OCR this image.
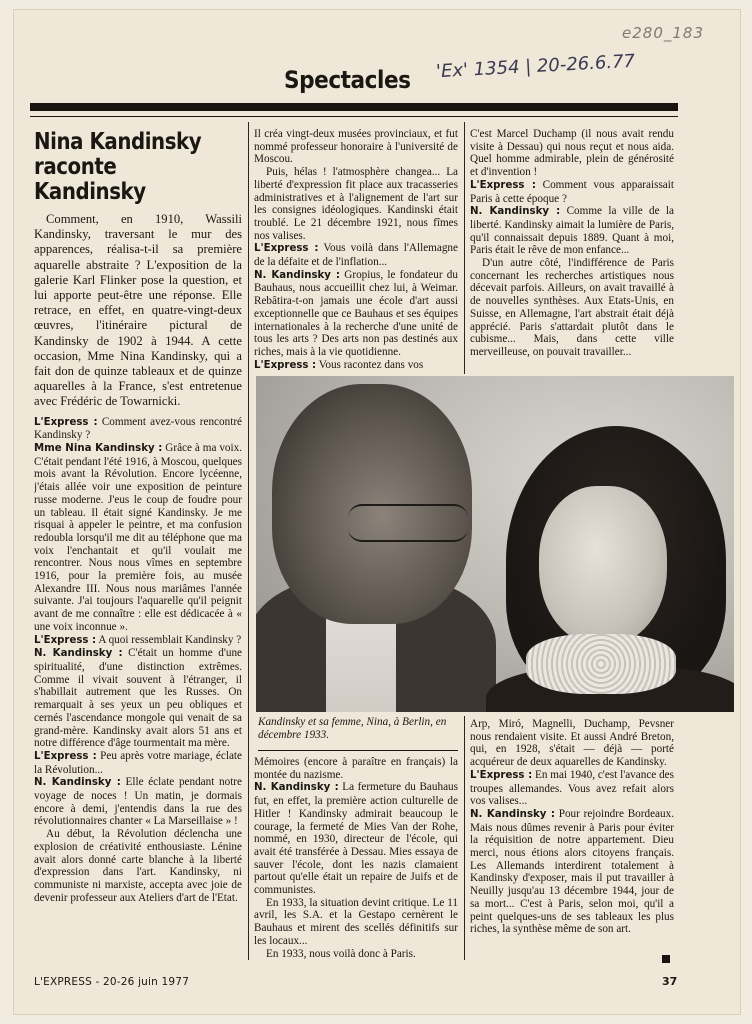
e280_183
'Ex' 1354 | 20-26.6.77
Spectacles
Nina Kandinsky
raconte
Kandinsky

Comment, en 1910, Wassili Kandinsky, traversant le mur des apparences, réalisa-t-il sa première aquarelle abstraite ? L'exposition de la galerie Karl Flinker pose la question, et lui apporte peut-être une réponse. Elle retrace, en effet, en quatre-vingt-deux œuvres, l'itinéraire pictural de Kandinsky de 1902 à 1944. A cette occasion, Mme Nina Kandinsky, qui a fait don de quinze tableaux et de quinze aquarelles à la France, s'est entretenue avec Frédéric de Towarnicki.

L'Express : Comment avez-vous rencontré Kandinsky ?

Mme Nina Kandinsky : Grâce à ma voix. C'était pendant l'été 1916, à Moscou, quelques mois avant la Révolution. Encore lycéenne, j'étais allée voir une exposition de peinture russe moderne. J'eus le coup de foudre pour un tableau. Il était signé Kandinsky. Je me risquai à appeler le peintre, et ma confusion redoubla lorsqu'il me dit au téléphone que ma voix l'enchantait et qu'il voulait me rencontrer. Nous nous vîmes en septembre 1916, pour la première fois, au musée Alexandre III. Nous nous mariâmes l'année suivante. J'ai toujours l'aquarelle qu'il peignit avant de me connaître : elle est dédicacée à « une voix inconnue ».

L'Express : A quoi ressemblait Kandinsky ?

N. Kandinsky : C'était un homme d'une spiritualité, d'une distinction extrêmes. Comme il vivait souvent à l'étranger, il s'habillait autrement que les Russes. On remarquait à ses yeux un peu obliques et cernés l'ascendance mongole qui venait de sa grand-mère. Kandinsky avait alors 51 ans et notre différence d'âge tourmentait ma mère.

L'Express : Peu après votre mariage, éclate la Révolution...

N. Kandinsky : Elle éclate pendant notre voyage de noces ! Un matin, je dormais encore à demi, j'entendis dans la rue des révolutionnaires chanter « La Marseillaise » !

Au début, la Révolution déclencha une explosion de créativité enthousiaste. Lénine avait alors donné carte blanche à la liberté d'expression dans l'art. Kandinsky, ni communiste ni marxiste, accepta avec joie de devenir professeur aux Ateliers d'art de l'Etat.

Il créa vingt-deux musées provinciaux, et fut nommé professeur honoraire à l'université de Moscou.

Puis, hélas ! l'atmosphère changea... La liberté d'expression fit place aux tracasseries administratives et à l'alignement de l'art sur les consignes idéologiques. Kandinski était troublé. Le 21 décembre 1921, nous fîmes nos valises.

L'Express : Vous voilà dans l'Allemagne de la défaite et de l'inflation...

N. Kandinsky : Gropius, le fondateur du Bauhaus, nous accueillit chez lui, à Weimar. Rebâtira-t-on jamais une école d'art aussi exceptionnelle que ce Bauhaus et ses équipes internationales à la recherche d'une unité de tous les arts ? Des arts non pas destinés aux riches, mais à la vie quotidienne.

L'Express : Vous racontez dans vos

C'est Marcel Duchamp (il nous avait rendu visite à Dessau) qui nous reçut et nous aida. Quel homme admirable, plein de générosité et d'invention !

L'Express : Comment vous apparaissait Paris à cette époque ?

N. Kandinsky : Comme la ville de la liberté. Kandinsky aimait la lumière de Paris, qu'il connaissait depuis 1889. Quant à moi, Paris était le rêve de mon enfance...

D'un autre côté, l'indifférence de Paris concernant les recherches artistiques nous décevait parfois. Ailleurs, on avait travaillé à de nouvelles synthèses. Aux Etats-Unis, en Suisse, en Allemagne, l'art abstrait était déjà apprécié. Paris s'attardait plutôt dans le cubisme... Mais, dans cette ville merveilleuse, on pouvait travailler...

Kandinsky et sa femme, Nina, à Berlin, en décembre 1933.

Mémoires (encore à paraître en français) la montée du nazisme.

N. Kandinsky : La fermeture du Bauhaus fut, en effet, la première action culturelle de Hitler ! Kandinsky admirait beaucoup le courage, la fermeté de Mies Van der Rohe, nommé, en 1930, directeur de l'école, qui avait été transférée à Dessau. Mies essaya de sauver l'école, dont les nazis clamaient partout qu'elle était un repaire de Juifs et de communistes.

En 1933, la situation devint critique. Le 11 avril, les S.A. et la Gestapo cernèrent le Bauhaus et mirent des scellés définitifs sur les locaux...

En 1933, nous voilà donc à Paris.

Arp, Miró, Magnelli, Duchamp, Pevsner nous rendaient visite. Et aussi André Breton, qui, en 1928, s'était — déjà — porté acquéreur de deux aquarelles de Kandinsky.

L'Express : En mai 1940, c'est l'avance des troupes allemandes. Vous avez refait alors vos valises...

N. Kandinsky : Pour rejoindre Bordeaux. Mais nous dûmes revenir à Paris pour éviter la réquisition de notre appartement. Dieu merci, nous étions alors citoyens français. Les Allemands interdirent totalement à Kandinsky d'exposer, mais il put travailler à Neuilly jusqu'au 13 décembre 1944, jour de sa mort... C'est à Paris, selon moi, qu'il a peint quelques-uns de ses tableaux les plus riches, la synthèse même de son art.

L'EXPRESS - 20-26 juin 1977	37
